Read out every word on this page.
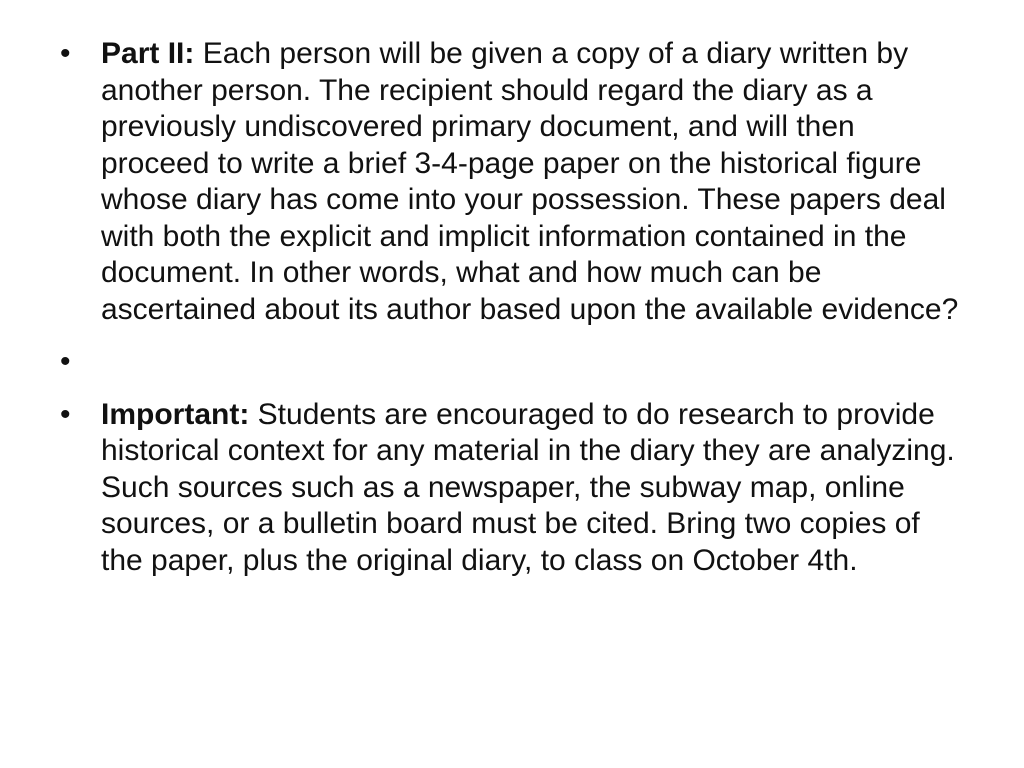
•	Part II: Each person will be given a copy of a diary written by another person. The recipient should regard the diary as a previously undiscovered primary document, and will then proceed to write a brief 3-4-page paper on the historical figure whose diary has come into your possession. These papers deal with both the explicit and implicit information contained in the document. In other words, what and how much can be ascertained about its author based upon the available evidence?
•
•	Important: Students are encouraged to do research to provide historical context for any material in the diary they are analyzing. Such sources such as a newspaper, the subway map, online sources, or a bulletin board must be cited. Bring two copies of the paper, plus the original diary, to class on October 4th.
